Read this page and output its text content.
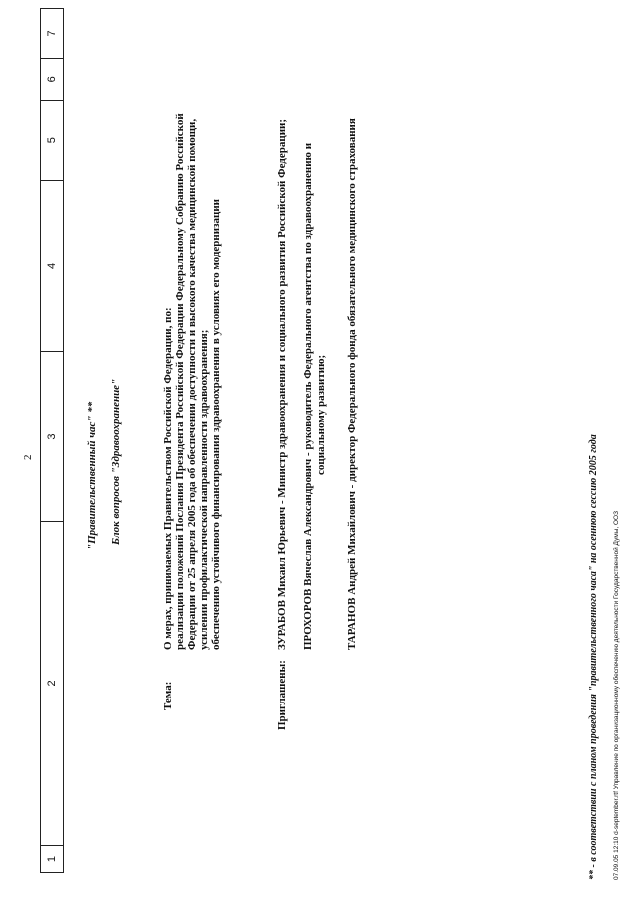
2
1
2
3
4
5
6
7
"Правительственный час" ** Блок вопросов "Здравоохранение"
Тема:
О мерах, принимаемых Правительством Российской Федерации, по: реализации положений Послания Президента Российской Федерации Федеральному Собранию Российской Федерации от 25 апреля 2005 года об обеспечении доступности и высокого качества медицинской помощи, усилении профилактической направленности здравоохранения; обеспечению устойчивого финансирования здравоохранения в условиях его модернизации
Приглашены:
ЗУРАБОВ Михаил Юрьевич - Министр здравоохранения и социального развития Российской Федерации; ПРОХОРОВ Вячеслав Александрович - руководитель Федерального агентства по здравоохранению и социальному развитию; ТАРАНОВ Андрей Михайлович - директор Федерального фонда обязательного медицинского страхования
** - в соответствии с планом проведения "правительственного часа" на осеннюю сессию 2005 года 07.09.05 12:10 d-september.rtf Управление по организационному обеспечению деятельности Государственной Думы, ООЗ
